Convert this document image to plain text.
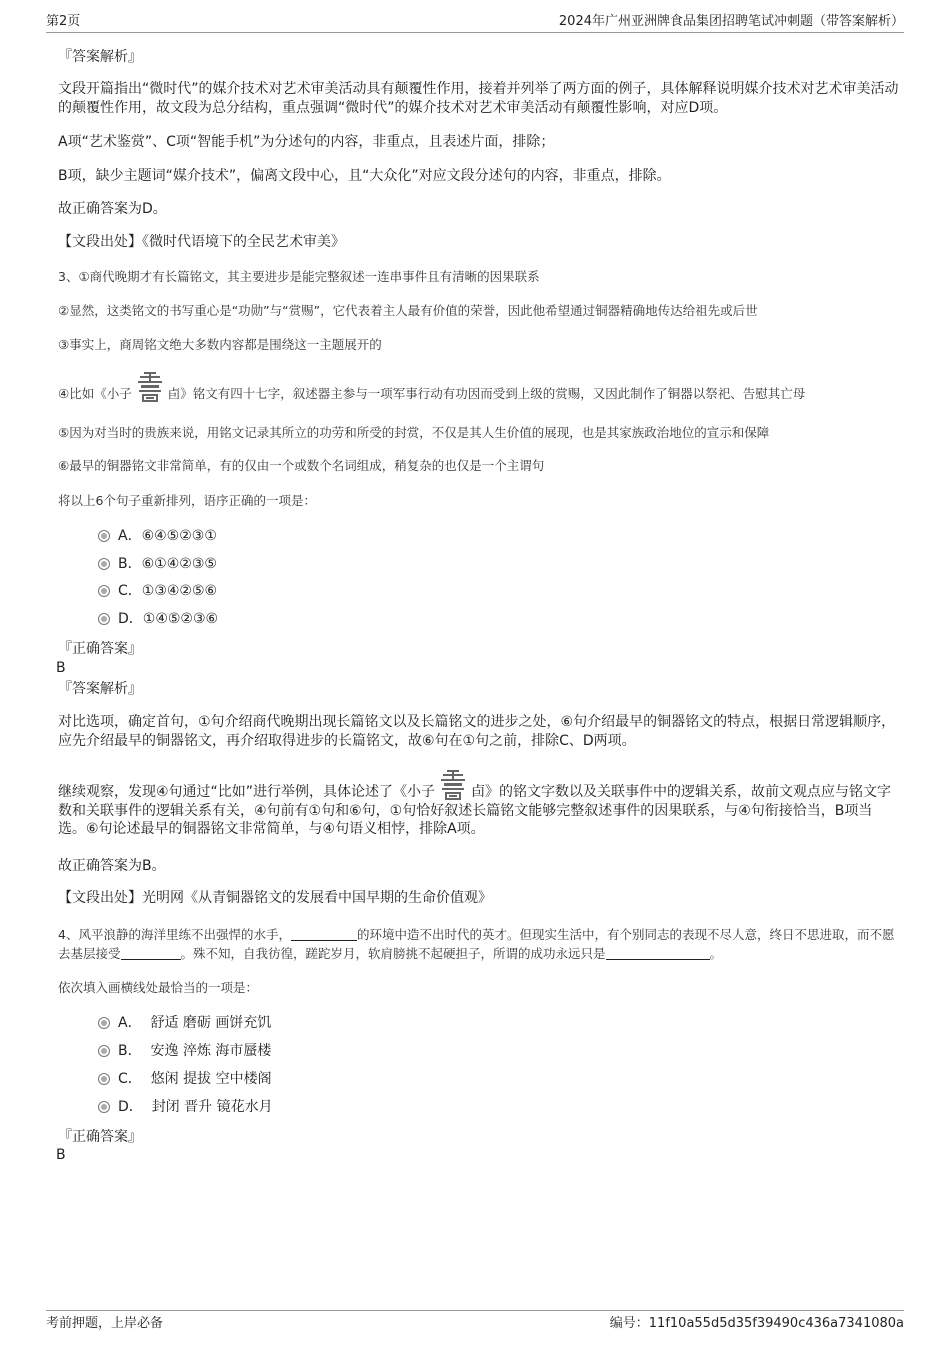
第2页	2024年广州亚洲牌食品集团招聘笔试冲刺题（带答案解析）
『答案解析』
文段开篇指出“微时代”的媒介技术对艺术审美活动具有颠覆性作用，接着并列举了两方面的例子，具体解释说明媒介技术对艺术审美活动的颠覆性作用，故文段为总分结构，重点强调“微时代”的媒介技术对艺术审美活动有颠覆性影响，对应D项。
A项“艺术鉴赏”、C项“智能手机”为分述句的内容，非重点，且表述片面，排除；
B项，缺少主题词“媒介技术”，偏离文段中心，且“大众化”对应文段分述句的内容，非重点，排除。
故正确答案为D。
【文段出处】《微时代语境下的全民艺术审美》
3、①商代晚期才有长篇铭文，其主要进步是能完整叙述一连串事件且有清晰的因果联系
②显然，这类铭文的书写重心是“功勋”与“赏赐”，它代表着主人最有价值的荣誉，因此他希望通过铜器精确地传达给祖先或后世
③事实上，商周铭文绝大多数内容都是围绕这一主题展开的
④比如《小子	卣》铭文有四十七字，叙述器主参与一项军事行动有功因而受到上级的赏赐，又因此制作了铜器以祭祀、告慰其亡母
⑤因为对当时的贵族来说，用铭文记录其所立的功劳和所受的封赏，不仅是其人生价值的展现，也是其家族政治地位的宣示和保障
⑥最早的铜器铭文非常简单，有的仅由一个或数个名词组成，稍复杂的也仅是一个主谓句
将以上6个句子重新排列，语序正确的一项是：
A．⑥④⑤②③①
B．⑥①④②③⑤
C．①③④②⑤⑥
D．①④⑤②③⑥
『正确答案』
B
『答案解析』
对比选项，确定首句，①句介绍商代晚期出现长篇铭文以及长篇铭文的进步之处，⑥句介绍最早的铜器铭文的特点，根据日常逻辑顺序，应先介绍最早的铜器铭文，再介绍取得进步的长篇铭文，故⑥句在①句之前，排除C、D两项。
继续观察，发现④句通过“比如”进行举例，具体论述了《小子	卣》的铭文字数以及关联事件中的逻辑关系，故前文观点应与铭文字数和关联事件的逻辑关系有关，④句前有①句和⑥句，①句恰好叙述长篇铭文能够完整叙述事件的因果联系，与④句衔接恰当，B项当选。⑥句论述最早的铜器铭文非常简单，与④句语义相悖，排除A项。
故正确答案为B。
【文段出处】光明网《从青铜器铭文的发展看中国早期的生命价值观》
4、风平浪静的海洋里练不出强悍的水手，	的环境中造不出时代的英才。但现实生活中，有个别同志的表现不尽人意，终日不思进取，而不愿去基层接受	。殊不知，自我彷徨，蹉跎岁月，软肩膀挑不起硬担子，所谓的成功永远只是	。
依次填入画横线处最恰当的一项是：
A． 舒适 磨砺 画饼充饥
B． 安逸 淬炼 海市蜃楼
C． 悠闲 提拔 空中楼阁
D． 封闭 晋升 镜花水月
『正确答案』
B
考前押题，上岸必备	编号：11f10a55d5d35f39490c436a7341080a
